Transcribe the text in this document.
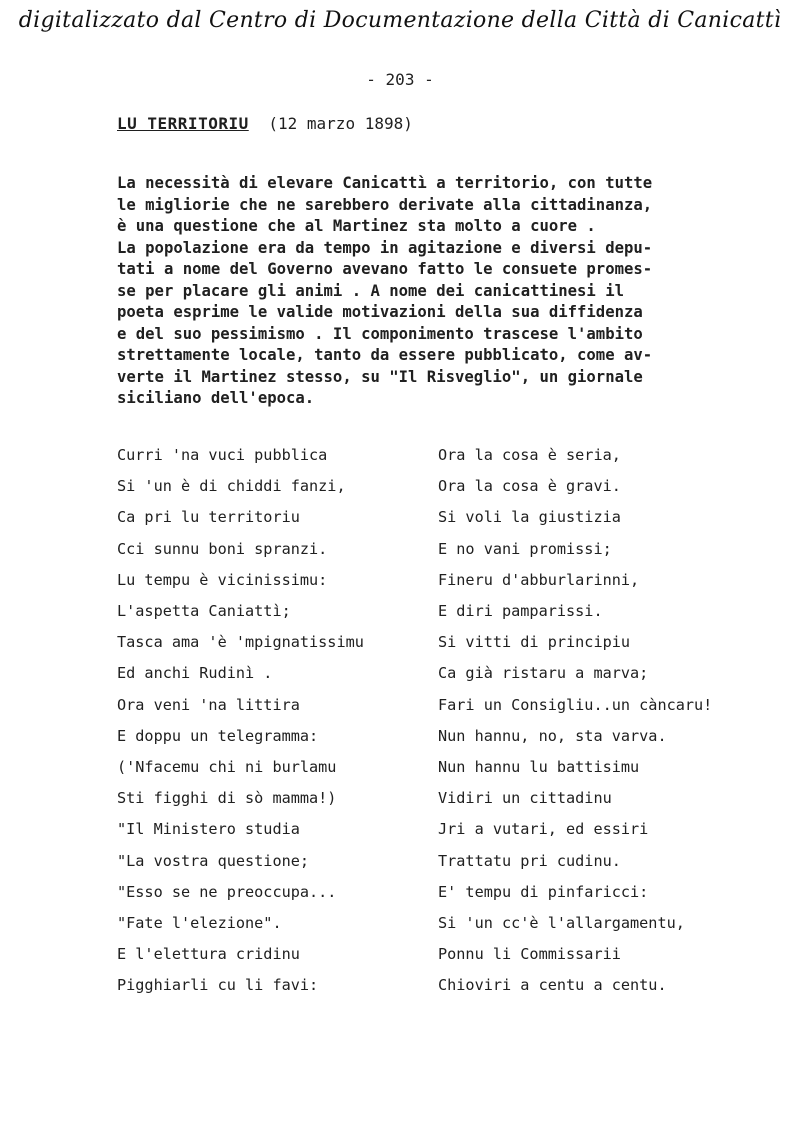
digitalizzato dal Centro di Documentazione della Città di Canicattì
- 203 -
LU TERRITORIU (12 marzo 1898)
La necessità di elevare Canicattì a territorio, con tutte
le migliorie che ne sarebbero derivate alla cittadinanza,
è una questione che al Martinez sta molto a cuore .
La popolazione era da tempo in agitazione e diversi depu-
tati a nome del Governo avevano fatto le consuete promes-
se per placare gli animi . A nome dei canicattinesi il
poeta esprime le valide motivazioni della sua diffidenza
e del suo pessimismo . Il componimento trascese l'ambito
strettamente locale, tanto da essere pubblicato, come av-
verte il Martinez stesso, su "Il Risveglio", un giornale
siciliano dell'epoca.
Curri 'na vuci pubblica
Si 'un è di chiddi fanzi,
Ca pri lu territoriu
Cci sunnu boni spranzi.
Lu tempu è vicinissimu:
L'aspetta Caniattì;
Tasca ama 'è 'mpignatissimu
Ed anchi Rudinì .
Ora veni 'na littira
E doppu un telegramma:
('Nfacemu chi ni burlamu
Sti figghi di sò mamma!)
"Il Ministero studia
"La vostra questione;
"Esso se ne preoccupa...
"Fate l'elezione".
E l'elettura cridinu
Pigghiarli cu li favi:
Ora la cosa è seria,
Ora la cosa è gravi.
Si voli la giustizia
E no vani promissi;
Fineru d'abburlarinni,
E diri pamparissi.
Si vitti di principiu
Ca già ristaru a marva;
Fari un Consigliu..un càncaru!
Nun hannu, no, sta varva.
Nun hannu lu battisimu
Vidiri un cittadinu
Jri a vutari, ed essiri
Trattatu pri cudinu.
E' tempu di pinfaricci:
Si 'un cc'è l'allargamentu,
Ponnu li Commissarii
Chioviri a centu a centu.
